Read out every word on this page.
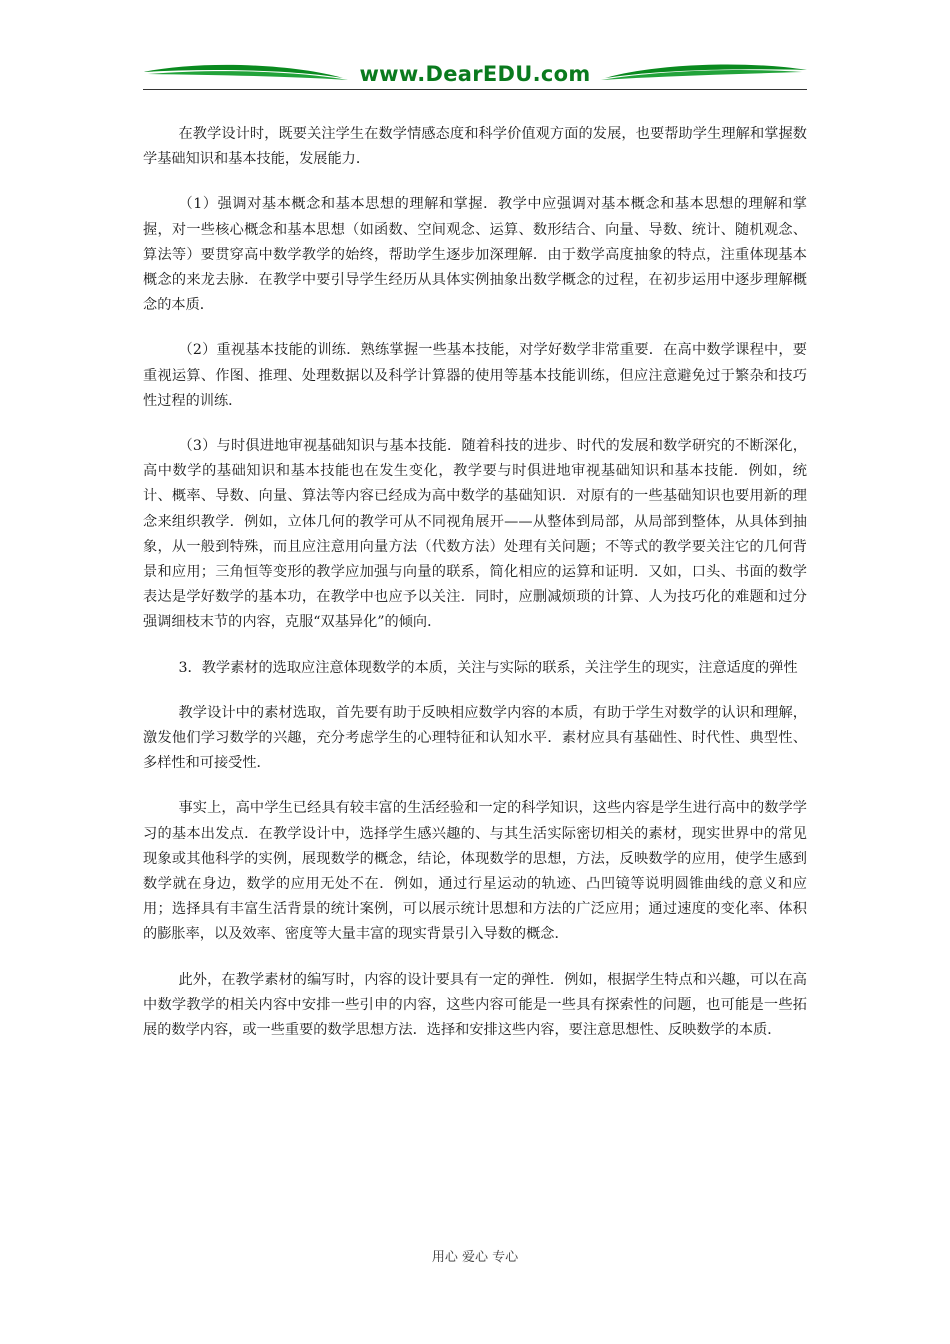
www.DearEDU.com

在教学设计时，既要关注学生在数学情感态度和科学价值观方面的发展，也要帮助学生理解和掌握数学基础知识和基本技能，发展能力．

（1）强调对基本概念和基本思想的理解和掌握．教学中应强调对基本概念和基本思想的理解和掌握，对一些核心概念和基本思想（如函数、空间观念、运算、数形结合、向量、导数、统计、随机观念、算法等）要贯穿高中数学教学的始终，帮助学生逐步加深理解．由于数学高度抽象的特点，注重体现基本概念的来龙去脉．在教学中要引导学生经历从具体实例抽象出数学概念的过程，在初步运用中逐步理解概念的本质．

（2）重视基本技能的训练．熟练掌握一些基本技能，对学好数学非常重要．在高中数学课程中，要重视运算、作图、推理、处理数据以及科学计算器的使用等基本技能训练，但应注意避免过于繁杂和技巧性过程的训练．

（3）与时俱进地审视基础知识与基本技能．随着科技的进步、时代的发展和数学研究的不断深化，高中数学的基础知识和基本技能也在发生变化，教学要与时俱进地审视基础知识和基本技能．例如，统计、概率、导数、向量、算法等内容已经成为高中数学的基础知识．对原有的一些基础知识也要用新的理念来组织教学．例如，立体几何的教学可从不同视角展开——从整体到局部，从局部到整体，从具体到抽象，从一般到特殊，而且应注意用向量方法（代数方法）处理有关问题；不等式的教学要关注它的几何背景和应用；三角恒等变形的教学应加强与向量的联系，简化相应的运算和证明．又如，口头、书面的数学表达是学好数学的基本功，在教学中也应予以关注．同时，应删减烦琐的计算、人为技巧化的难题和过分强调细枝末节的内容，克服“双基异化”的倾向．

3．教学素材的选取应注意体现数学的本质，关注与实际的联系，关注学生的现实，注意适度的弹性

教学设计中的素材选取，首先要有助于反映相应数学内容的本质，有助于学生对数学的认识和理解，激发他们学习数学的兴趣，充分考虑学生的心理特征和认知水平．素材应具有基础性、时代性、典型性、多样性和可接受性．

事实上，高中学生已经具有较丰富的生活经验和一定的科学知识，这些内容是学生进行高中的数学学习的基本出发点．在教学设计中，选择学生感兴趣的、与其生活实际密切相关的素材，现实世界中的常见现象或其他科学的实例，展现数学的概念，结论，体现数学的思想，方法，反映数学的应用，使学生感到数学就在身边，数学的应用无处不在．例如，通过行星运动的轨迹、凸凹镜等说明圆锥曲线的意义和应用；选择具有丰富生活背景的统计案例，可以展示统计思想和方法的广泛应用；通过速度的变化率、体积的膨胀率，以及效率、密度等大量丰富的现实背景引入导数的概念．

此外，在教学素材的编写时，内容的设计要具有一定的弹性．例如，根据学生特点和兴趣，可以在高中数学教学的相关内容中安排一些引申的内容，这些内容可能是一些具有探索性的问题，也可能是一些拓展的数学内容，或一些重要的数学思想方法．选择和安排这些内容，要注意思想性、反映数学的本质．

用心 爱心 专心
